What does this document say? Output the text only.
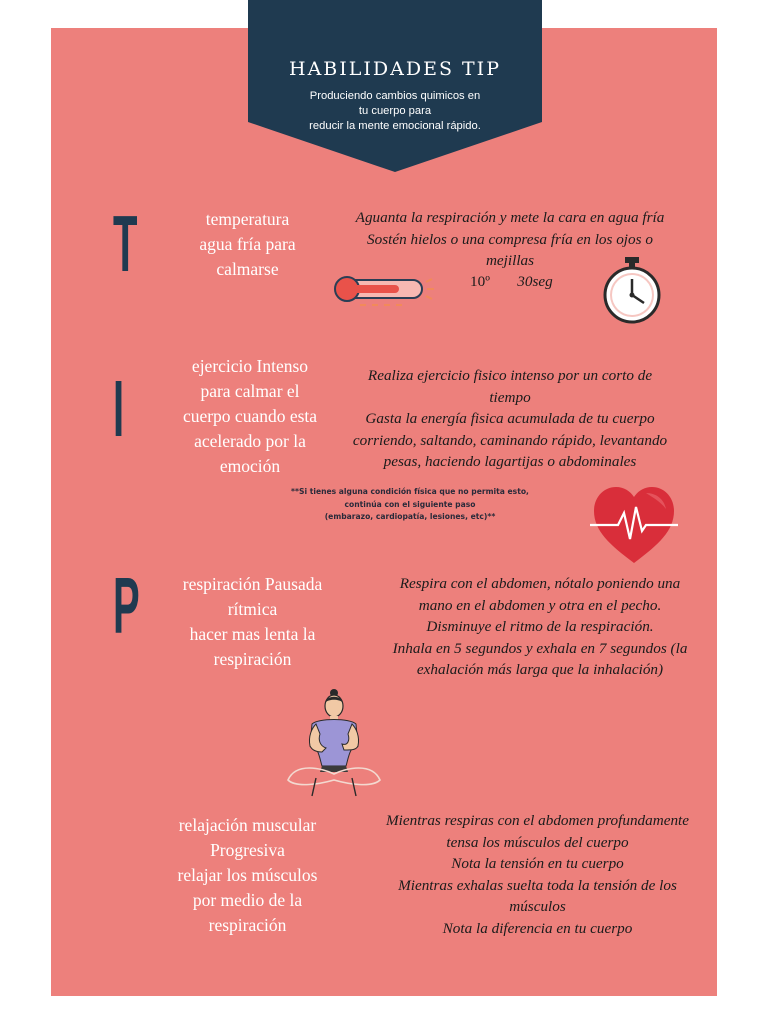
HABILIDADES TIP
Produciendo cambios quimicos en
tu cuerpo para
reducir la mente emocional rápido.
T	temperatura
agua fría para
calmarse
Aguanta la respiración y mete la cara en agua fría
Sostén hielos o una compresa fría en los ojos o
mejillas
10º	30seg
I	ejercicio Intenso
para calmar el
cuerpo cuando esta
acelerado por la
emoción
Realiza ejercicio fisico intenso por un corto de
tiempo
Gasta la energía fisica acumulada de tu cuerpo
corriendo, saltando, caminando rápido, levantando
pesas, haciendo lagartijas o abdominales
**Si tienes alguna condición física que no permita esto,
continúa con el siguiente paso
(embarazo, cardiopatía, lesiones, etc)**
P	respiración Pausada
rítmica
hacer mas lenta la
respiración
Respira con el abdomen, nótalo poniendo una
mano en el abdomen y otra en el pecho.
Disminuye el ritmo de la respiración.
Inhala en 5 segundos y exhala en 7 segundos (la
exhalación más larga que la inhalación)
relajación muscular
Progresiva
relajar los músculos
por medio de la
respiración
Mientras respiras con el abdomen profundamente
tensa los músculos del cuerpo
Nota la tensión en tu cuerpo
Mientras exhalas suelta toda la tensión de los
músculos
Nota la diferencia en tu cuerpo
